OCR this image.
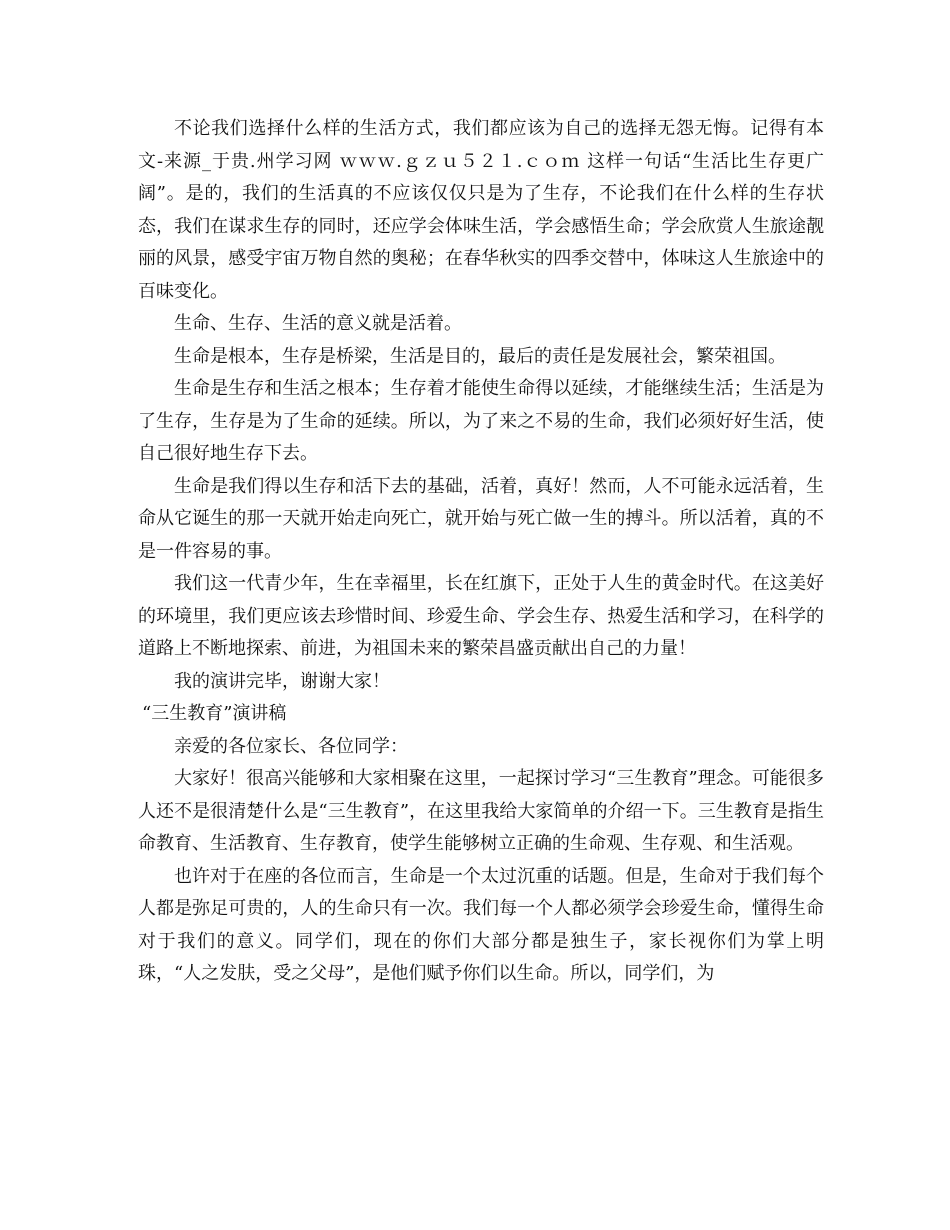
不论我们选择什么样的生活方式，我们都应该为自己的选择无怨无悔。记得有本文-来源_于贵.州学习网 ｗｗｗ.ｇｚｕ５２１.ｃｏｍ 这样一句话“生活比生存更广阔”。是的，我们的生活真的不应该仅仅只是为了生存，不论我们在什么样的生存状态，我们在谋求生存的同时，还应学会体味生活，学会感悟生命；学会欣赏人生旅途靓丽的风景，感受宇宙万物自然的奥秘；在春华秋实的四季交替中，体味这人生旅途中的百味变化。

生命、生存、生活的意义就是活着。

生命是根本，生存是桥梁，生活是目的，最后的责任是发展社会，繁荣祖国。

生命是生存和生活之根本；生存着才能使生命得以延续，才能继续生活；生活是为了生存，生存是为了生命的延续。所以，为了来之不易的生命，我们必须好好生活，使自己很好地生存下去。

生命是我们得以生存和活下去的基础，活着，真好！然而，人不可能永远活着，生命从它诞生的那一天就开始走向死亡，就开始与死亡做一生的搏斗。所以活着，真的不是一件容易的事。

我们这一代青少年，生在幸福里，长在红旗下，正处于人生的黄金时代。在这美好的环境里，我们更应该去珍惜时间、珍爱生命、学会生存、热爱生活和学习，在科学的道路上不断地探索、前进，为祖国未来的繁荣昌盛贡献出自己的力量！

我的演讲完毕，谢谢大家！

“三生教育”演讲稿

亲爱的各位家长、各位同学：

大家好！很高兴能够和大家相聚在这里，一起探讨学习“三生教育”理念。可能很多人还不是很清楚什么是“三生教育”，在这里我给大家简单的介绍一下。三生教育是指生命教育、生活教育、生存教育，使学生能够树立正确的生命观、生存观、和生活观。

也许对于在座的各位而言，生命是一个太过沉重的话题。但是，生命对于我们每个人都是弥足可贵的，人的生命只有一次。我们每一个人都必须学会珍爱生命，懂得生命对于我们的意义。同学们，现在的你们大部分都是独生子，家长视你们为掌上明珠，“人之发肤，受之父母”，是他们赋予你们以生命。所以，同学们，为
